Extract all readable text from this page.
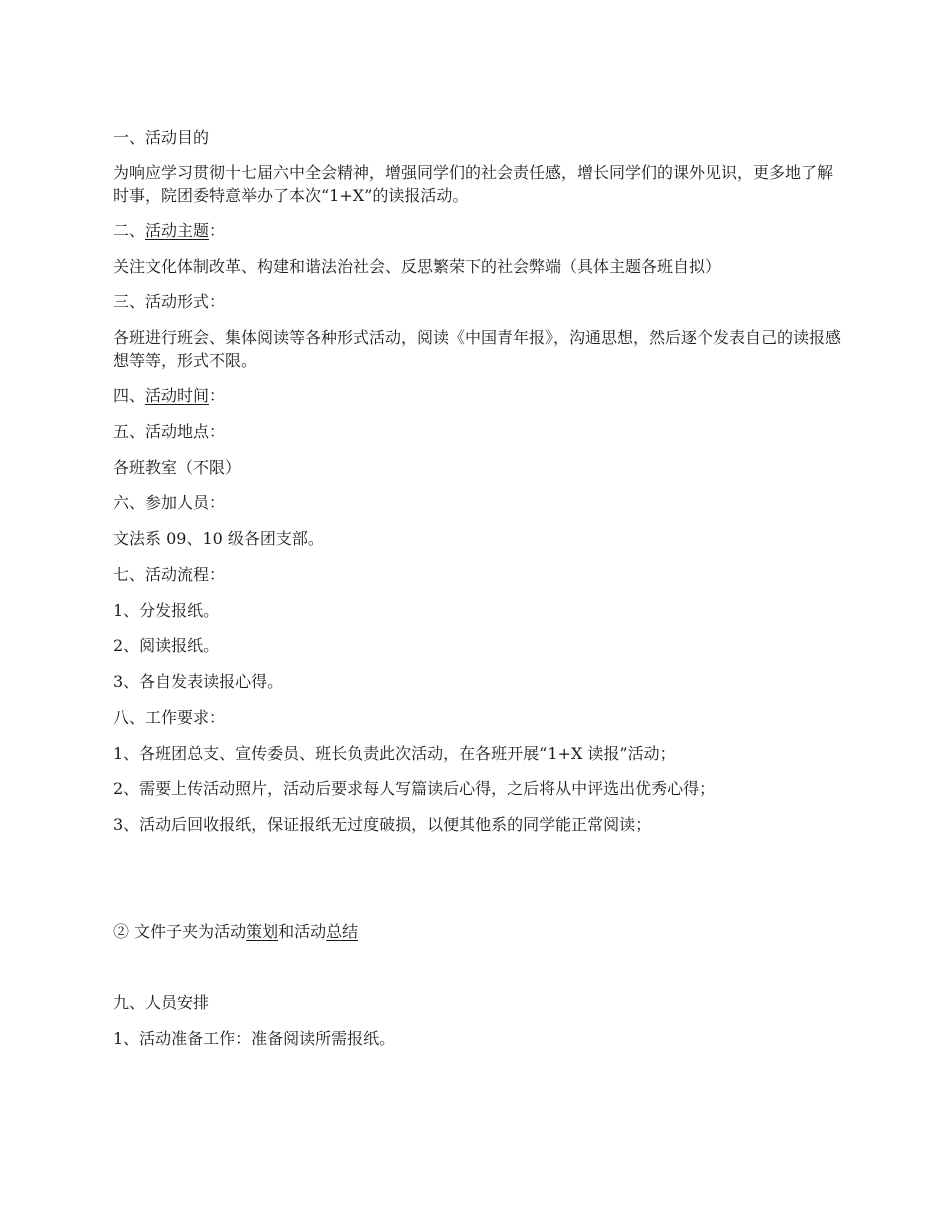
一、活动目的
为响应学习贯彻十七届六中全会精神，增强同学们的社会责任感，增长同学们的课外见识，更多地了解时事，院团委特意举办了本次“1+X”的读报活动。
二、活动主题：
关注文化体制改革、构建和谐法治社会、反思繁荣下的社会弊端（具体主题各班自拟）
三、活动形式：
各班进行班会、集体阅读等各种形式活动，阅读《中国青年报》，沟通思想，然后逐个发表自己的读报感想等等，形式不限。
四、活动时间：
五、活动地点：
各班教室（不限）
六、参加人员：
文法系 09、10 级各团支部。
七、活动流程：
1、分发报纸。
2、阅读报纸。
3、各自发表读报心得。
八、工作要求：
1、各班团总支、宣传委员、班长负责此次活动，在各班开展“1+X 读报”活动；
2、需要上传活动照片，活动后要求每人写篇读后心得，之后将从中评选出优秀心得；
3、活动后回收报纸，保证报纸无过度破损，以便其他系的同学能正常阅读；
② 文件子夹为活动策划和活动总结
九、人员安排
1、活动准备工作：准备阅读所需报纸。
